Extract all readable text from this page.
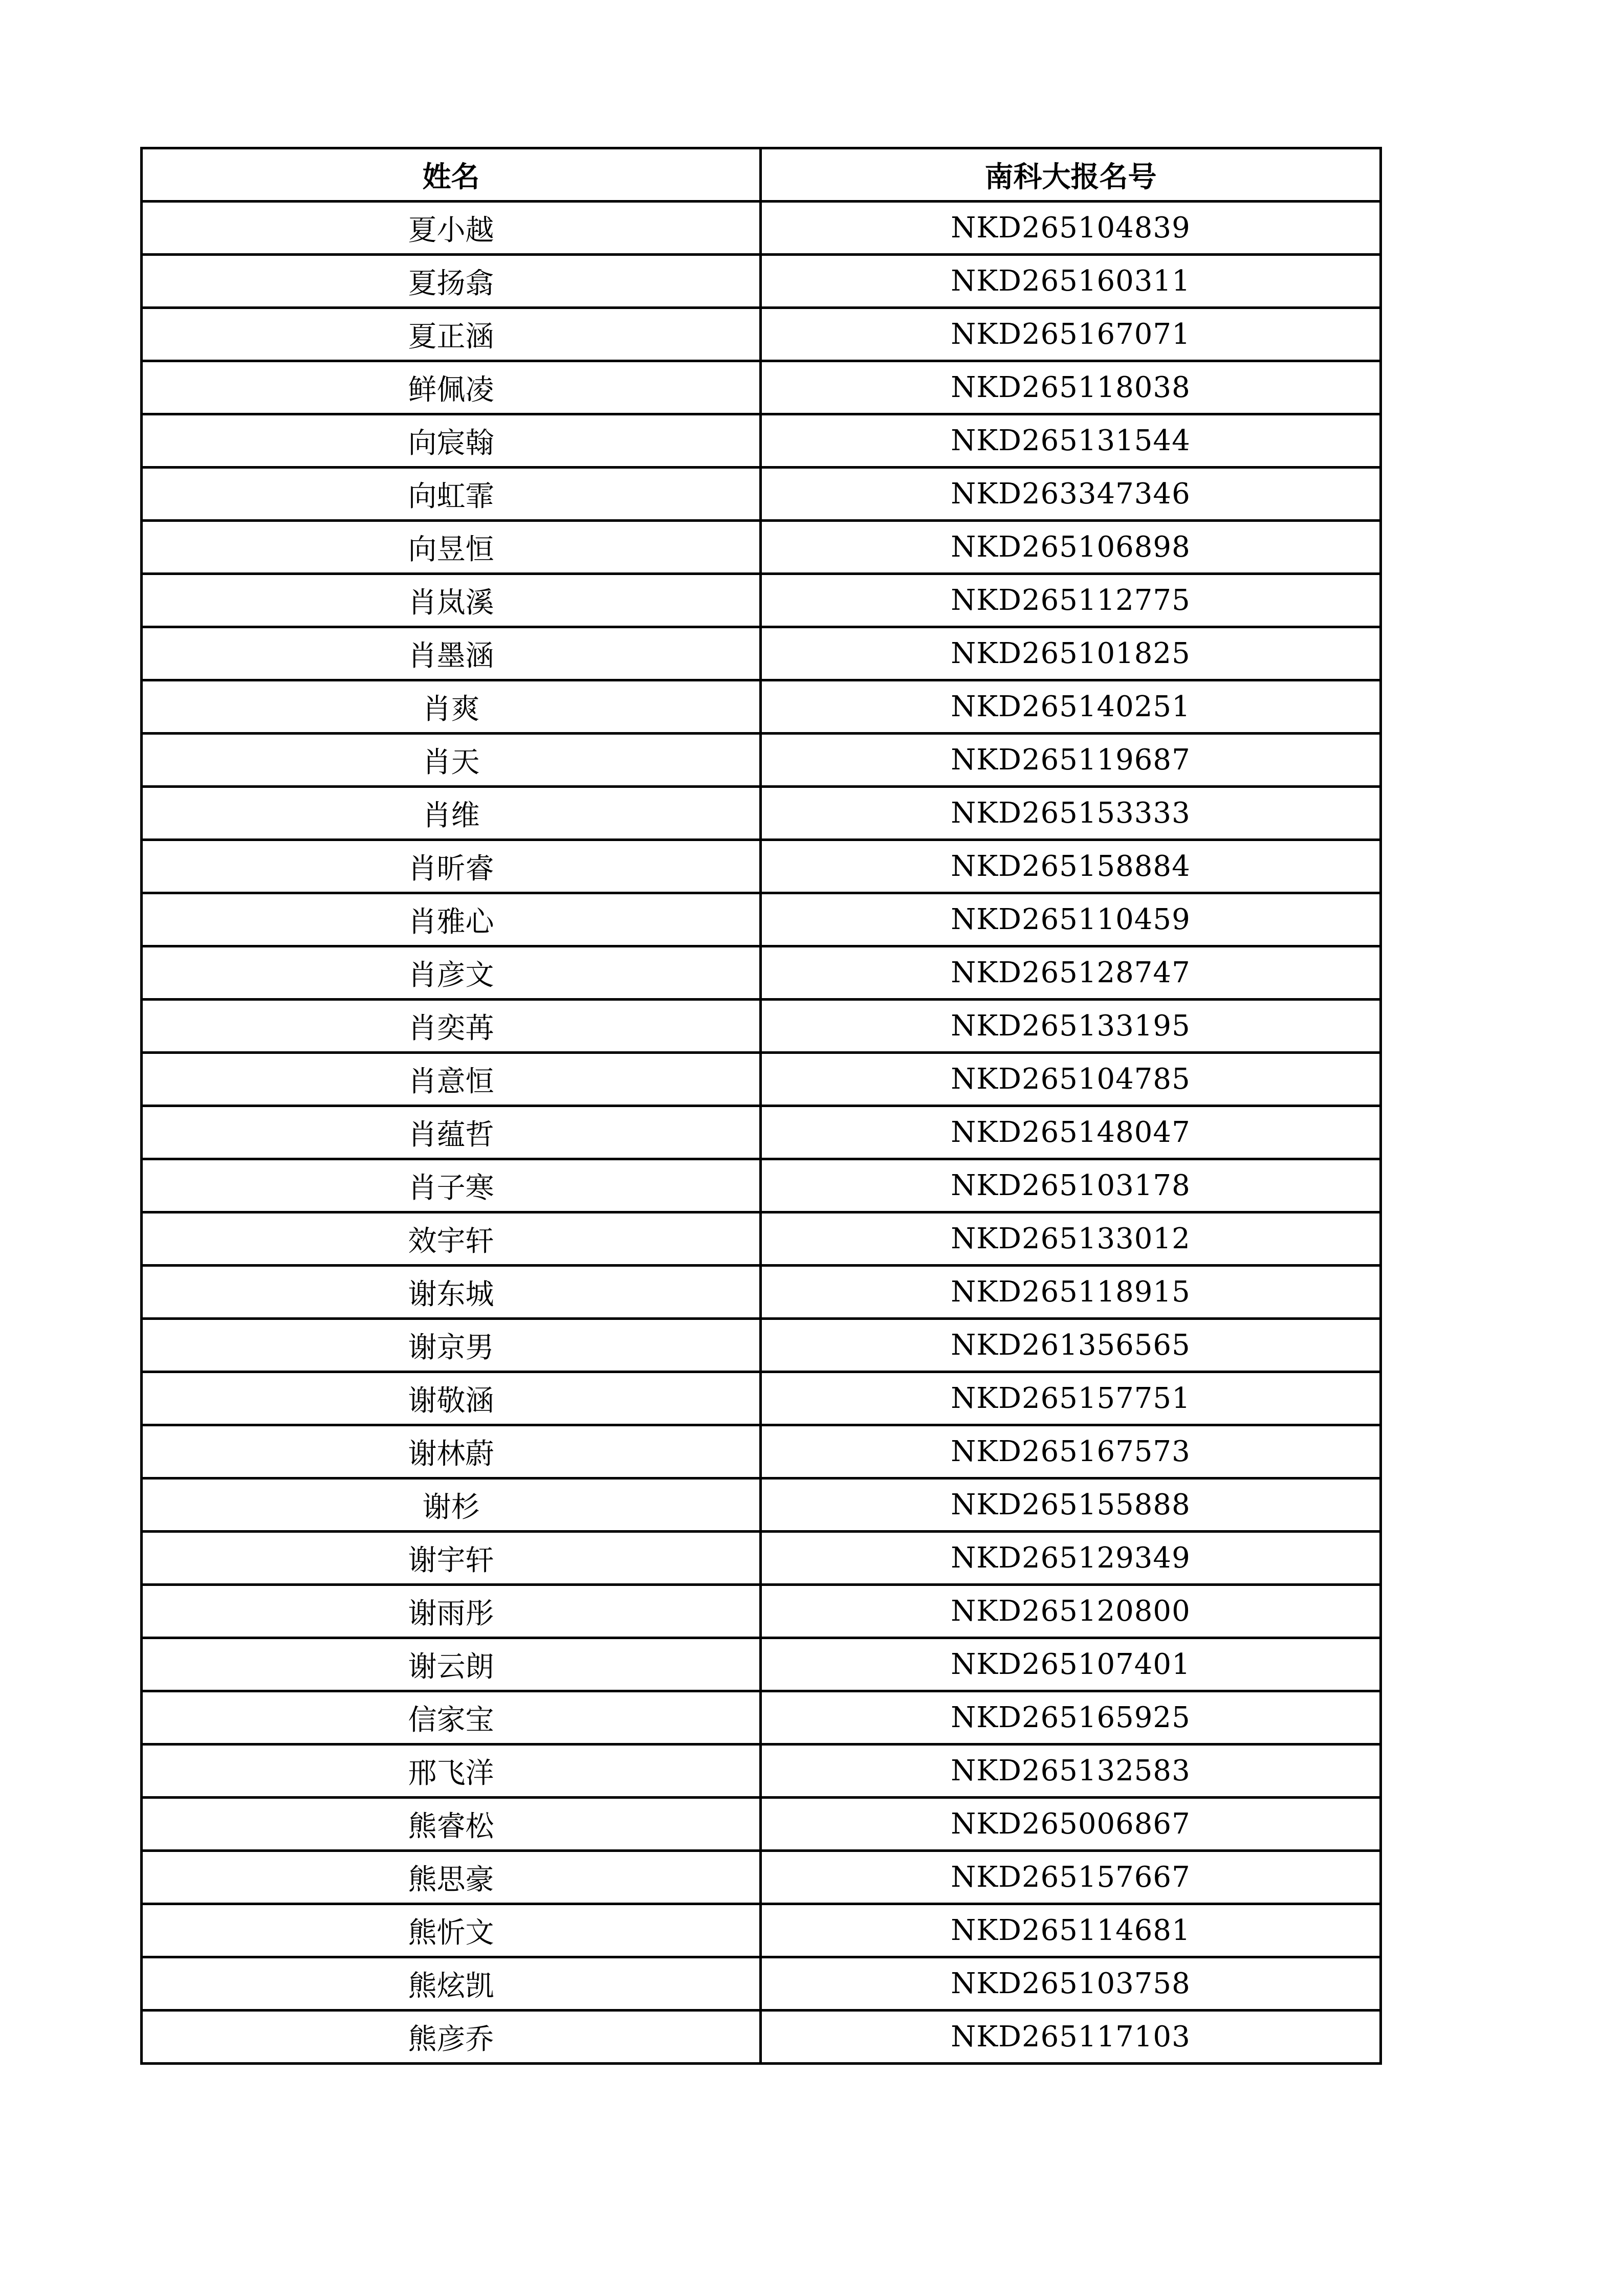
姓名	南科大报名号
夏小越	NKD265104839
夏扬翕	NKD265160311
夏正涵	NKD265167071
鲜佩凌	NKD265118038
向宸翰	NKD265131544
向虹霏	NKD263347346
向昱恒	NKD265106898
肖岚溪	NKD265112775
肖墨涵	NKD265101825
肖爽	NKD265140251
肖天	NKD265119687
肖维	NKD265153333
肖昕睿	NKD265158884
肖雅心	NKD265110459
肖彦文	NKD265128747
肖奕苒	NKD265133195
肖意恒	NKD265104785
肖蕴哲	NKD265148047
肖子寒	NKD265103178
效宇轩	NKD265133012
谢东城	NKD265118915
谢京男	NKD261356565
谢敬涵	NKD265157751
谢林蔚	NKD265167573
谢杉	NKD265155888
谢宇轩	NKD265129349
谢雨彤	NKD265120800
谢云朗	NKD265107401
信家宝	NKD265165925
邢飞洋	NKD265132583
熊睿松	NKD265006867
熊思豪	NKD265157667
熊忻文	NKD265114681
熊炫凯	NKD265103758
熊彦乔	NKD265117103
